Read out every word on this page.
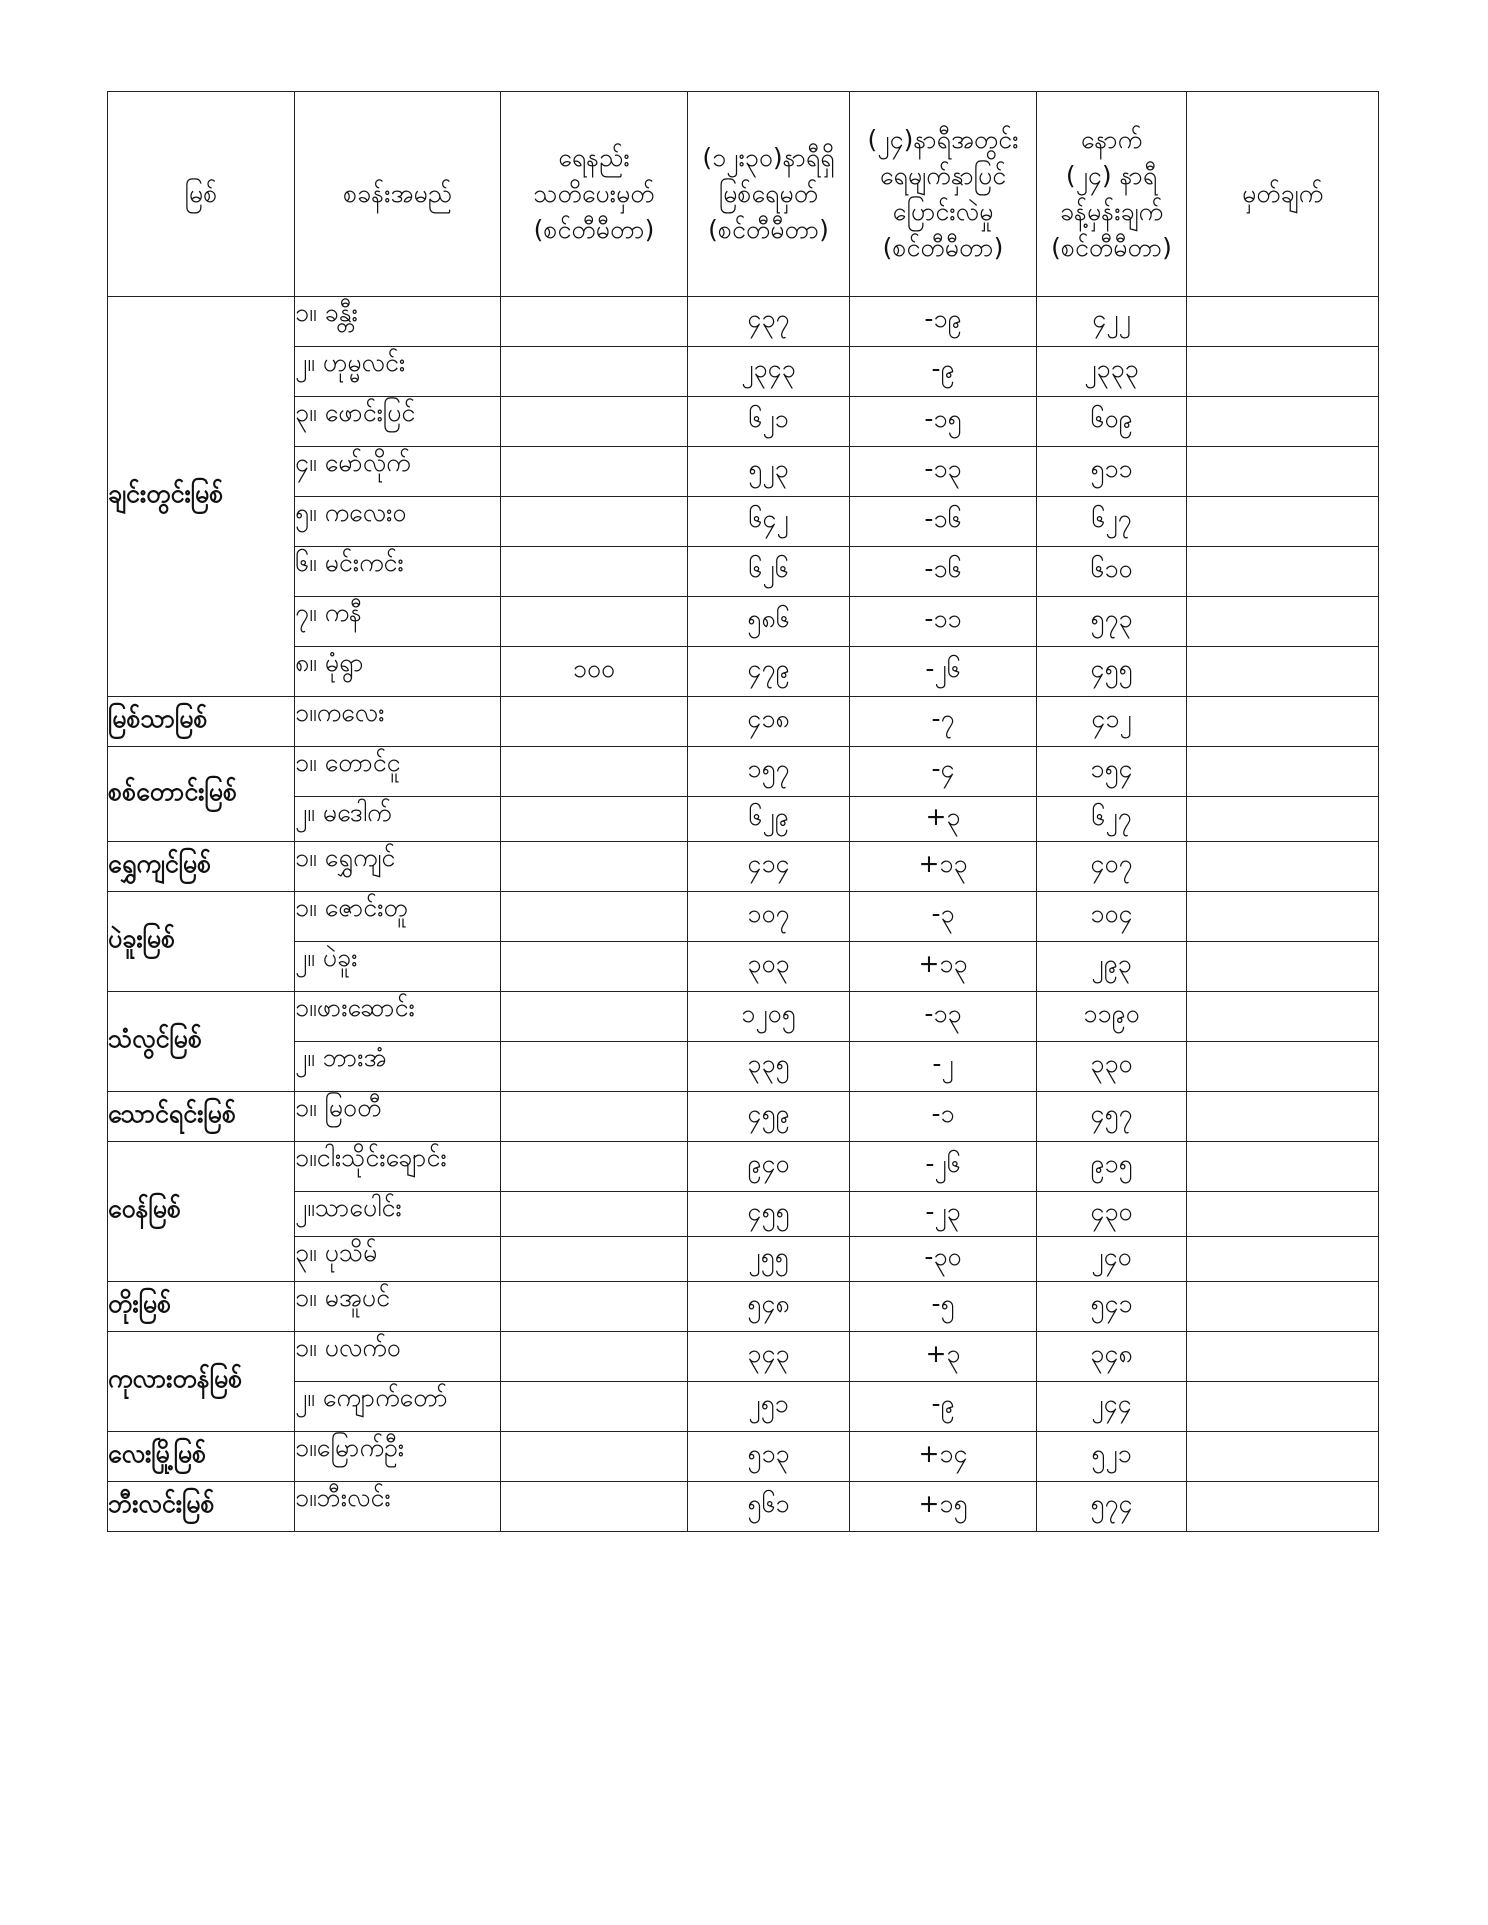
မြစ်	စခန်းအမည်	ရေနည်း
သတိပေးမှတ်
(စင်တီမီတာ)	(၁၂း၃၀)နာရီရှိ
မြစ်ရေမှတ်
(စင်တီမီတာ)	(၂၄)နာရီအတွင်း
ရေမျက်နှာပြင်
ပြောင်းလဲမှု
(စင်တီမီတာ)	နောက်
(၂၄) နာရီ
ခန့်မှန်းချက်
(စင်တီမီတာ)	မှတ်ချက်

ချင်းတွင်းမြစ်	၁။ ခန္တီး		၄၃၇	-၁၉	၄၂၂	
	၂။ ဟုမ္မလင်း		၂၃၄၃	-၉	၂၃၃၃	
	၃။ ဖောင်းပြင်		၆၂၁	-၁၅	၆၀၉	
	၄။ မော်လိုက်		၅၂၃	-၁၃	၅၁၁	
	၅။ ကလေးဝ		၆၄၂	-၁၆	၆၂၇	
	၆။ မင်းကင်း		၆၂၆	-၁၆	၆၁၀	
	၇။ ကနီ		၅၈၆	-၁၁	၅၇၃	
	၈။ မုံရွာ	၁၀၀	၄၇၉	-၂၆	၄၅၅	
မြစ်သာမြစ်	၁။ကလေး		၄၁၈	-၇	၄၁၂	
စစ်တောင်းမြစ်	၁။ တောင်ငူ		၁၅၇	-၄	၁၅၄	
	၂။ မဒေါက်		၆၂၉	+၃	၆၂၇	
ရွှေကျင်မြစ်	၁။ ရွှေကျင်		၄၁၄	+၁၃	၄၀၇	
ပဲခူးမြစ်	၁။ ဇောင်းတူ		၁၀၇	-၃	၁၀၄	
	၂။ ပဲခူး		၃၀၃	+၁၃	၂၉၃	
သံလွင်မြစ်	၁။ဖားဆောင်း		၁၂၀၅	-၁၃	၁၁၉၀	
	၂။ ဘားအံ		၃၃၅	-၂	၃၃၀	
သောင်ရင်းမြစ်	၁။ မြဝတီ		၄၅၉	-၁	၄၅၇	
ဝေန်မြစ်	၁။ငါးသိုင်းချောင်း		၉၄၀	-၂၆	၉၁၅	
	၂။သာပေါင်း		၄၅၅	-၂၃	၄၃၀	
	၃။ ပုသိမ်		၂၅၅	-၃၀	၂၄၀	
တိုးမြစ်	၁။ မအူပင်		၅၄၈	-၅	၅၄၁	
ကုလားတန်မြစ်	၁။ ပလက်ဝ		၃၄၃	+၃	၃၄၈	
	၂။ ကျောက်တော်		၂၅၁	-၉	၂၄၄	
လေးမြို့မြစ်	၁။မြောက်ဦး		၅၁၃	+၁၄	၅၂၁	
ဘီးလင်းမြစ်	၁။ဘီးလင်း		၅၆၁	+၁၅	၅၇၄	
